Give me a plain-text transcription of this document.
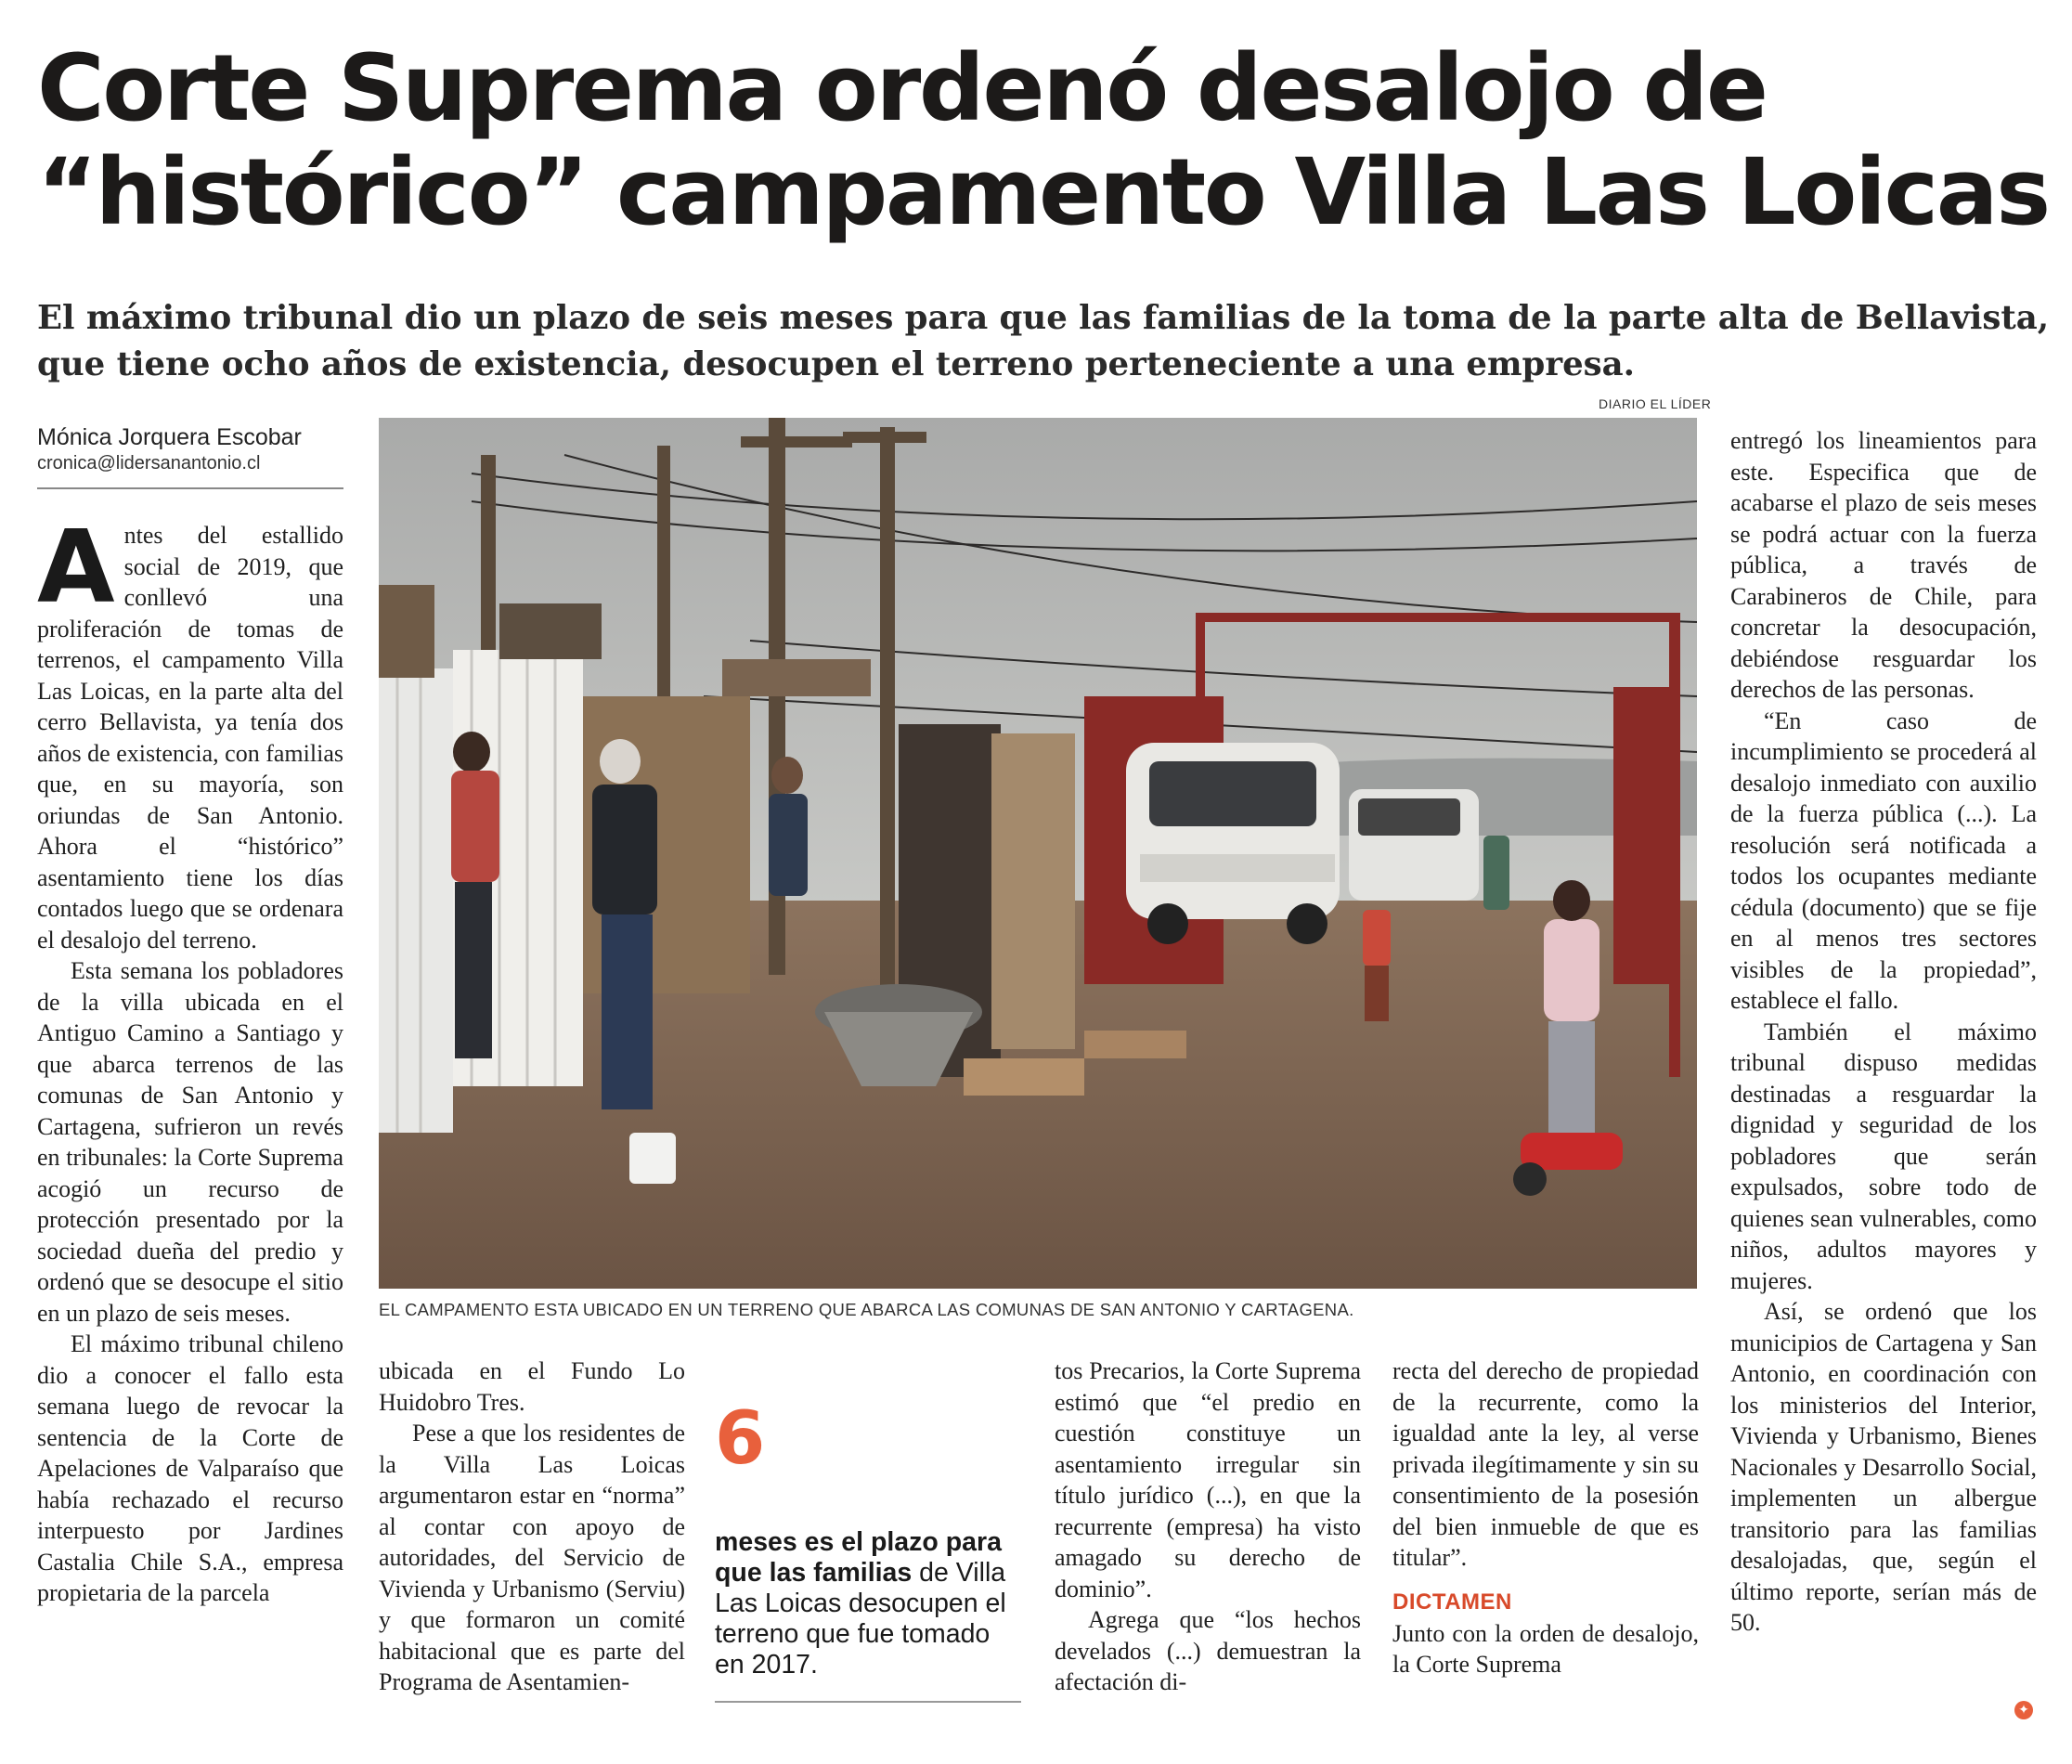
Corte Suprema ordenó desalojo de
“histórico” campamento Villa Las Loicas
El máximo tribunal dio un plazo de seis meses para que las familias de la toma de la parte alta de Bellavista, que tiene ocho años de existencia, desocupen el terreno perteneciente a una empresa.
DIARIO EL LÍDER
Mónica Jorquera Escobar
cronica@lidersanantonio.cl

Antes del estallido social de 2019, que conllevó una proliferación de tomas de terrenos, el campamento Villa Las Loicas, en la parte alta del cerro Bellavista, ya tenía dos años de existencia, con familias que, en su mayoría, son oriundas de San Antonio. Ahora el “histórico” asentamiento tiene los días contados luego que se ordenara el desalojo del terreno.

Esta semana los pobladores de la villa ubicada en el Antiguo Camino a Santiago y que abarca terrenos de las comunas de San Antonio y Cartagena, sufrieron un revés en tribunales: la Corte Suprema acogió un recurso de protección presentado por la sociedad dueña del predio y ordenó que se desocupe el sitio en un plazo de seis meses.

El máximo tribunal chileno dio a conocer el fallo esta semana luego de revocar la sentencia de la Corte de Apelaciones de Valparaíso que había rechazado el recurso interpuesto por Jardines Castalia Chile S.A., empresa propietaria de la parcela

EL CAMPAMENTO ESTA UBICADO EN UN TERRENO QUE ABARCA LAS COMUNAS DE SAN ANTONIO Y CARTAGENA.

ubicada en el Fundo Lo Huidobro Tres.

Pese a que los residentes de la Villa Las Loicas argumentaron estar en “norma” al contar con apoyo de autoridades, del Servicio de Vivienda y Urbanismo (Serviu) y que formaron un comité habitacional que es parte del Programa de Asentamien-

6
meses es el plazo para que las familias de Villa Las Loicas desocupen el terreno que fue tomado en 2017.

tos Precarios, la Corte Suprema estimó que “el predio en cuestión constituye un asentamiento irregular sin título jurídico (...), en que la recurrente (empresa) ha visto amagado su derecho de dominio”.

Agrega que “los hechos develados (...) demuestran la afectación di-

recta del derecho de propiedad de la recurrente, como la igualdad ante la ley, al verse privada ilegítimamente y sin su consentimiento de la posesión del bien inmueble de que es titular”.

DICTAMEN

Junto con la orden de desalojo, la Corte Suprema

entregó los lineamientos para este. Especifica que de acabarse el plazo de seis meses se podrá actuar con la fuerza pública, a través de Carabineros de Chile, para concretar la desocupación, debiéndose resguardar los derechos de las personas.

“En caso de incumplimiento se procederá al desalojo inmediato con auxilio de la fuerza pública (...). La resolución será notificada a todos los ocupantes mediante cédula (documento) que se fije en al menos tres sectores visibles de la propiedad”, establece el fallo.

También el máximo tribunal dispuso medidas destinadas a resguardar la dignidad y seguridad de los pobladores que serán expulsados, sobre todo de quienes sean vulnerables, como niños, adultos mayores y mujeres.

Así, se ordenó que los municipios de Cartagena y San Antonio, en coordinación con los ministerios del Interior, Vivienda y Urbanismo, Bienes Nacionales y Desarrollo Social, implementen un albergue transitorio para las familias desalojadas, que, según el último reporte, serían más de 50.

✦
